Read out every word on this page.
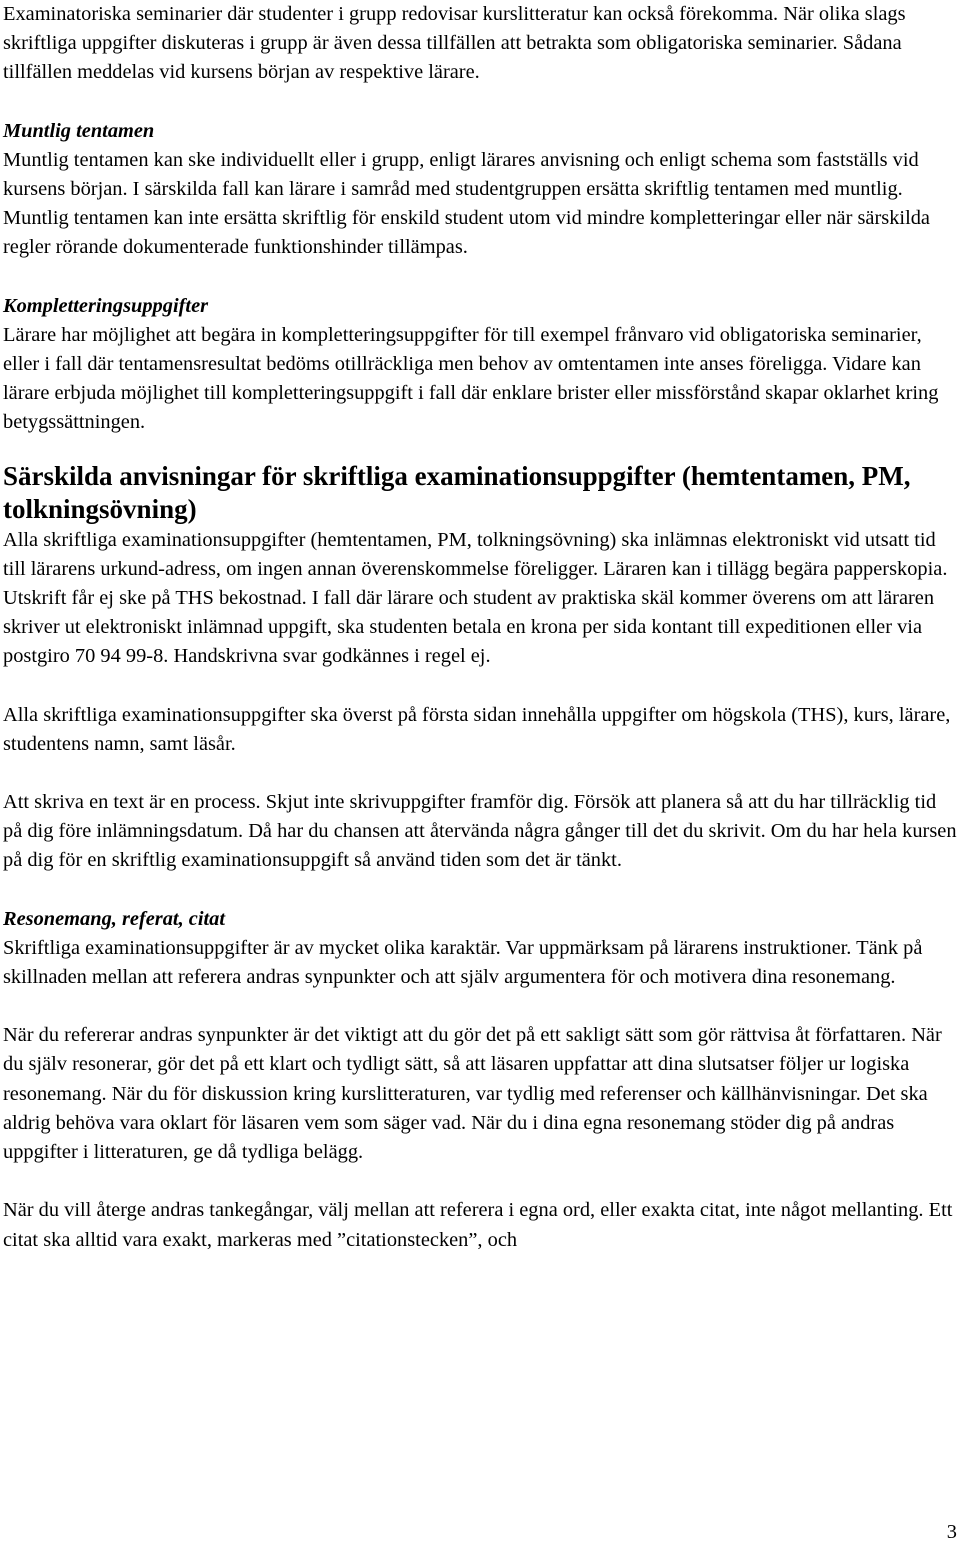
Examinatoriska seminarier där studenter i grupp redovisar kurslitteratur kan också förekomma. När olika slags skriftliga uppgifter diskuteras i grupp är även dessa tillfällen att betrakta som obligatoriska seminarier. Sådana tillfällen meddelas vid kursens början av respektive lärare.

Muntlig tentamen

Muntlig tentamen kan ske individuellt eller i grupp, enligt lärares anvisning och enligt schema som fastställs vid kursens början. I särskilda fall kan lärare i samråd med studentgruppen ersätta skriftlig tentamen med muntlig. Muntlig tentamen kan inte ersätta skriftlig för enskild student utom vid mindre kompletteringar eller när särskilda regler rörande dokumenterade funktionshinder tillämpas.

Kompletteringsuppgifter

Lärare har möjlighet att begära in kompletteringsuppgifter för till exempel frånvaro vid obligatoriska seminarier, eller i fall där tentamensresultat bedöms otillräckliga men behov av omtentamen inte anses föreligga. Vidare kan lärare erbjuda möjlighet till kompletteringsuppgift i fall där enklare brister eller missförstånd skapar oklarhet kring betygssättningen.

Särskilda anvisningar för skriftliga examinationsuppgifter (hemtentamen, PM, tolkningsövning)

Alla skriftliga examinationsuppgifter (hemtentamen, PM, tolkningsövning) ska inlämnas elektroniskt vid utsatt tid till lärarens urkund-adress, om ingen annan överenskommelse föreligger. Läraren kan i tillägg begära papperskopia. Utskrift får ej ske på THS bekostnad. I fall där lärare och student av praktiska skäl kommer överens om att läraren skriver ut elektroniskt inlämnad uppgift, ska studenten betala en krona per sida kontant till expeditionen eller via postgiro 70 94 99-8. Handskrivna svar godkännes i regel ej.

Alla skriftliga examinationsuppgifter ska överst på första sidan innehålla uppgifter om högskola (THS), kurs, lärare, studentens namn, samt läsår.

Att skriva en text är en process. Skjut inte skrivuppgifter framför dig. Försök att planera så att du har tillräcklig tid på dig före inlämningsdatum. Då har du chansen att återvända några gånger till det du skrivit. Om du har hela kursen på dig för en skriftlig examinationsuppgift så använd tiden som det är tänkt.

Resonemang, referat, citat

Skriftliga examinationsuppgifter är av mycket olika karaktär. Var uppmärksam på lärarens instruktioner. Tänk på skillnaden mellan att referera andras synpunkter och att själv argumentera för och motivera dina resonemang.

När du refererar andras synpunkter är det viktigt att du gör det på ett sakligt sätt som gör rättvisa åt författaren. När du själv resonerar, gör det på ett klart och tydligt sätt, så att läsaren uppfattar att dina slutsatser följer ur logiska resonemang. När du för diskussion kring kurslitteraturen, var tydlig med referenser och källhänvisningar. Det ska aldrig behöva vara oklart för läsaren vem som säger vad. När du i dina egna resonemang stöder dig på andras uppgifter i litteraturen, ge då tydliga belägg.

När du vill återge andras tankegångar, välj mellan att referera i egna ord, eller exakta citat, inte något mellanting. Ett citat ska alltid vara exakt, markeras med ”citationstecken”, och

3
